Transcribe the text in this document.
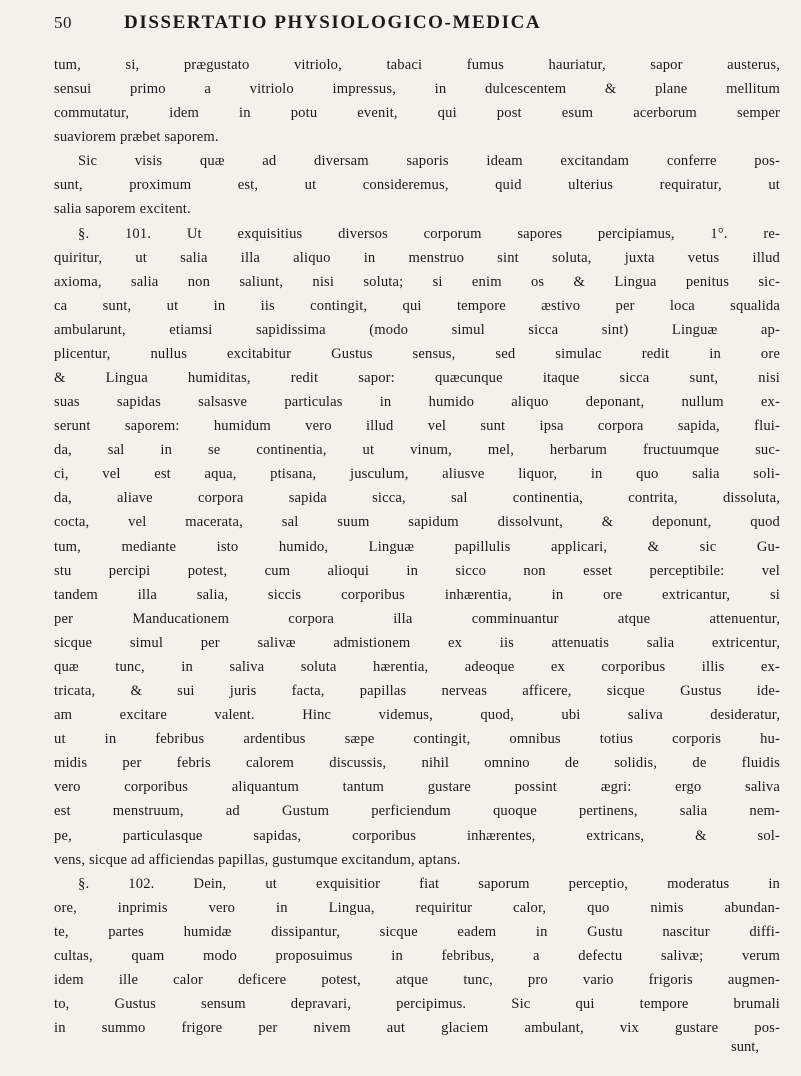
50	DISSERTATIO PHYSIOLOGICO-MEDICA
tum, si, prægustato vitriolo, tabaci fumus hauriatur, sapor austerus,
sensui primo a vitriolo impressus, in dulcescentem & plane mellitum
commutatur, idem in potu evenit, qui post esum acerborum semper
suaviorem præbet saporem.
Sic visis quæ ad diversam saporis ideam excitandam conferre pos-
sunt, proximum est, ut consideremus, quid ulterius requiratur, ut
salia saporem excitent.
§. 101. Ut exquisitius diversos corporum sapores percipiamus, 1°. re-
quiritur, ut salia illa aliquo in menstruo sint soluta, juxta vetus illud
axioma, salia non saliunt, nisi soluta; si enim os & Lingua penitus sic-
ca sunt, ut in iis contingit, qui tempore æstivo per loca squalida
ambularunt, etiamsi sapidissima (modo simul sicca sint) Linguæ ap-
plicentur, nullus excitabitur Gustus sensus, sed simulac redit in ore
& Lingua humiditas, redit sapor: quæcunque itaque sicca sunt, nisi
suas sapidas salsasve particulas in humido aliquo deponant, nullum ex-
serunt saporem: humidum vero illud vel sunt ipsa corpora sapida, flui-
da, sal in se continentia, ut vinum, mel, herbarum fructuumque suc-
ci, vel est aqua, ptisana, jusculum, aliusve liquor, in quo salia soli-
da, aliave corpora sapida sicca, sal continentia, contrita, dissoluta,
cocta, vel macerata, sal suum sapidum dissolvunt, & deponunt, quod
tum, mediante isto humido, Linguæ papillulis applicari, & sic Gu-
stu percipi potest, cum alioqui in sicco non esset perceptibile: vel
tandem illa salia, siccis corporibus inhærentia, in ore extricantur, si
per Manducationem corpora illa comminuantur atque attenuentur,
sicque simul per salivæ admistionem ex iis attenuatis salia extricentur,
quæ tunc, in saliva soluta hærentia, adeoque ex corporibus illis ex-
tricata, & sui juris facta, papillas nerveas afficere, sicque Gustus ide-
am excitare valent. Hinc videmus, quod, ubi saliva desideratur,
ut in febribus ardentibus sæpe contingit, omnibus totius corporis hu-
midis per febris calorem discussis, nihil omnino de solidis, de fluidis
vero corporibus aliquantum tantum gustare possint ægri: ergo saliva
est menstruum, ad Gustum perficiendum quoque pertinens, salia nem-
pe, particulasque sapidas, corporibus inhærentes, extricans, & sol-
vens, sicque ad afficiendas papillas, gustumque excitandum, aptans.
§. 102. Dein, ut exquisitior fiat saporum perceptio, moderatus in
ore, inprimis vero in Lingua, requiritur calor, quo nimis abundan-
te, partes humidæ dissipantur, sicque eadem in Gustu nascitur diffi-
cultas, quam modo proposuimus in febribus, a defectu salivæ; verum
idem ille calor deficere potest, atque tunc, pro vario frigoris augmen-
to, Gustus sensum depravari, percipimus. Sic qui tempore brumali
in summo frigore per nivem aut glaciem ambulant, vix gustare pos-
sunt,
